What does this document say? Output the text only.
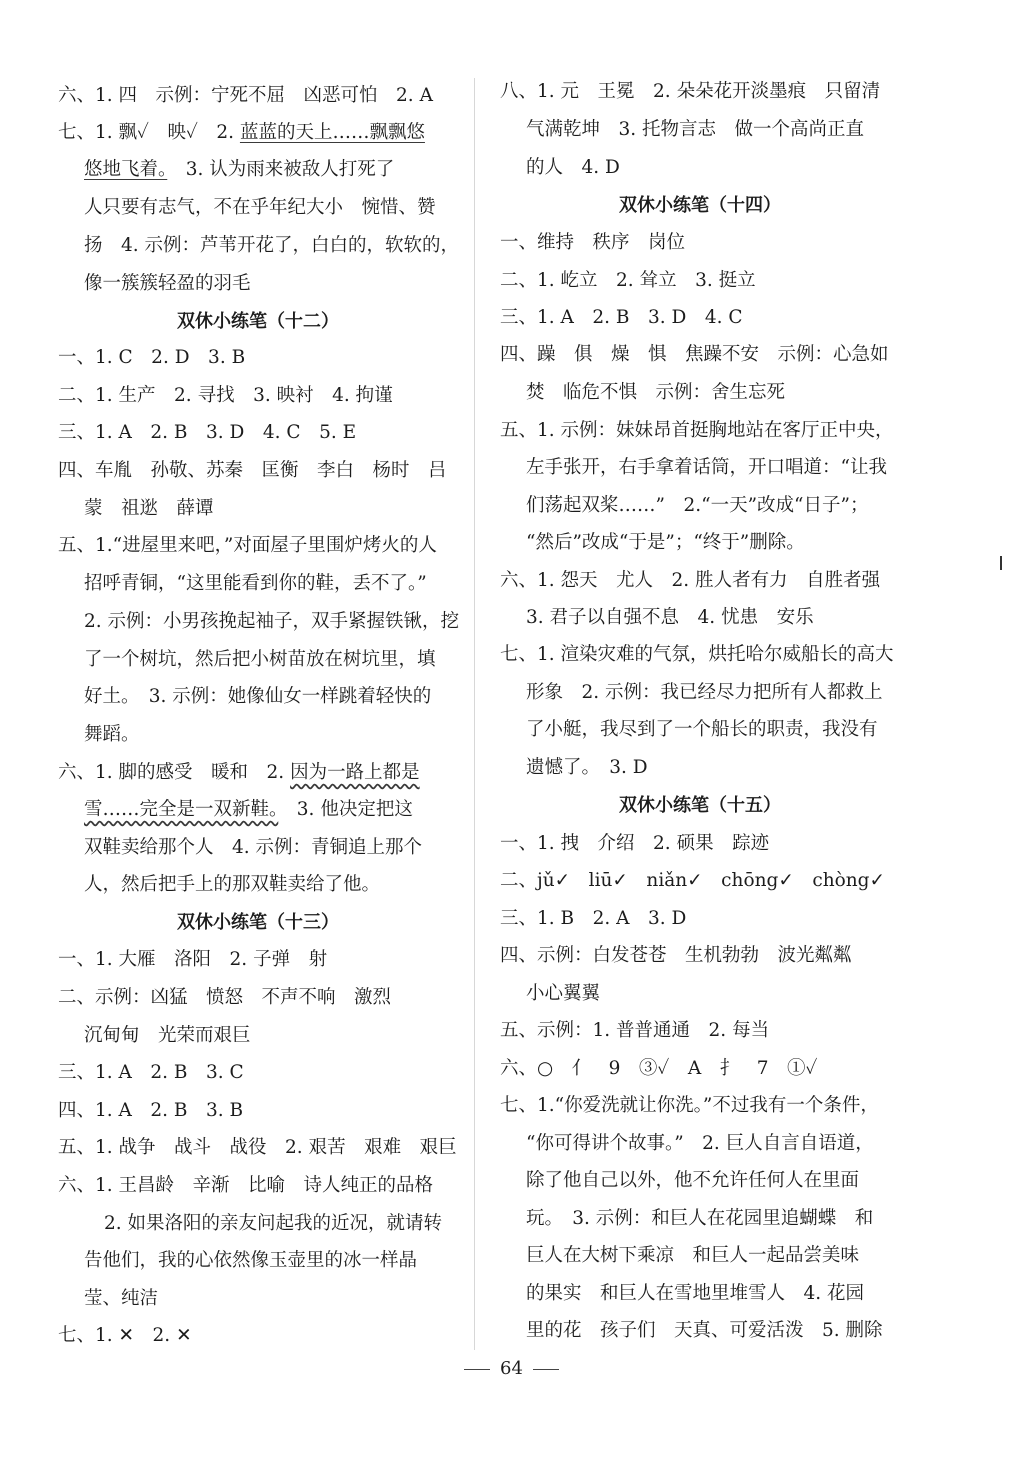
六、1. 四　示例：宁死不屈　凶恶可怕　2. A
七、1. 飘✓　映✓　2. 蓝蓝的天上……飘飘悠
悠地飞着。　3. 认为雨来被敌人打死了
人只要有志气，不在乎年纪大小　惋惜、赞
扬　4. 示例：芦苇开花了，白白的，软软的，
像一簇簇轻盈的羽毛
双休小练笔（十二）
一、1. C　2. D　3. B
二、1. 生产　2. 寻找　3. 映衬　4. 拘谨
三、1. A　2. B　3. D　4. C　5. E
四、车胤　孙敬、苏秦　匡衡　李白　杨时　吕
蒙　祖逖　薛谭
五、1.“进屋里来吧，”对面屋子里围炉烤火的人
招呼青铜，“这里能看到你的鞋，丢不了。”
2. 示例：小男孩挽起袖子，双手紧握铁锹，挖
了一个树坑，然后把小树苗放在树坑里，填
好土。　3. 示例：她像仙女一样跳着轻快的
舞蹈。
六、1. 脚的感受　暖和　2. 因为一路上都是
雪……完全是一双新鞋。　 3. 他决定把这
双鞋卖给那个人　4. 示例：青铜追上那个
人，然后把手上的那双鞋卖给了他。
双休小练笔（十三）
一、1. 大雁　洛阳　2. 子弹　射
二、示例：凶猛　愤怒　不声不响　激烈
沉甸甸　光荣而艰巨
三、1. A　2. B　3. C
四、1. A　2. B　3. B
五、1. 战争　战斗　战役　2. 艰苦　艰难　艰巨
六、1. 王昌龄　辛渐　比喻　诗人纯正的品格
2. 如果洛阳的亲友问起我的近况，就请转
告他们，我的心依然像玉壶里的冰一样晶
莹、纯洁
七、1. ✕　2. ✕
八、1. 元　王冕　2. 朵朵花开淡墨痕　只留清
气满乾坤　3. 托物言志　做一个高尚正直
的人　4. D
双休小练笔（十四）
一、维持　秩序　岗位
二、1. 屹立　2. 耸立　3. 挺立
三、1. A　2. B　3. D　4. C
四、躁　俱　燥　惧　焦躁不安　示例：心急如
焚　临危不惧　示例：舍生忘死
五、1. 示例：妹妹昂首挺胸地站在客厅正中央，
左手张开，右手拿着话筒，开口唱道：“让我
们荡起双桨……”　2.“一天”改成“日子”；
“然后”改成“于是”；“终于”删除。
六、1. 怨天　尤人　2. 胜人者有力　自胜者强
3. 君子以自强不息　4. 忧患　安乐
七、1. 渲染灾难的气氛，烘托哈尔威船长的高大
形象　2. 示例：我已经尽力把所有人都救上
了小艇，我尽到了一个船长的职责，我没有
遗憾了。　3. D
双休小练笔（十五）
一、1. 拽　介绍　2. 硕果　踪迹
二、jǔ✓　liū✓　niǎn✓　chōng✓　chòng✓
三、1. B　2. A　3. D
四、示例：白发苍苍　生机勃勃　波光粼粼
小心翼翼
五、示例：1. 普普通通　2. 每当
六、○　亻　9　③✓　A　扌　7　①✓
七、1.“你爱洗就让你洗。”不过我有一个条件，
“你可得讲个故事。”　2. 巨人自言自语道，
除了他自己以外，他不允许任何人在里面
玩。　3. 示例：和巨人在花园里追蝴蝶　和
巨人在大树下乘凉　和巨人一起品尝美味
的果实　和巨人在雪地里堆雪人　4. 花园
里的花　孩子们　天真、可爱活泼　5. 删除
64
